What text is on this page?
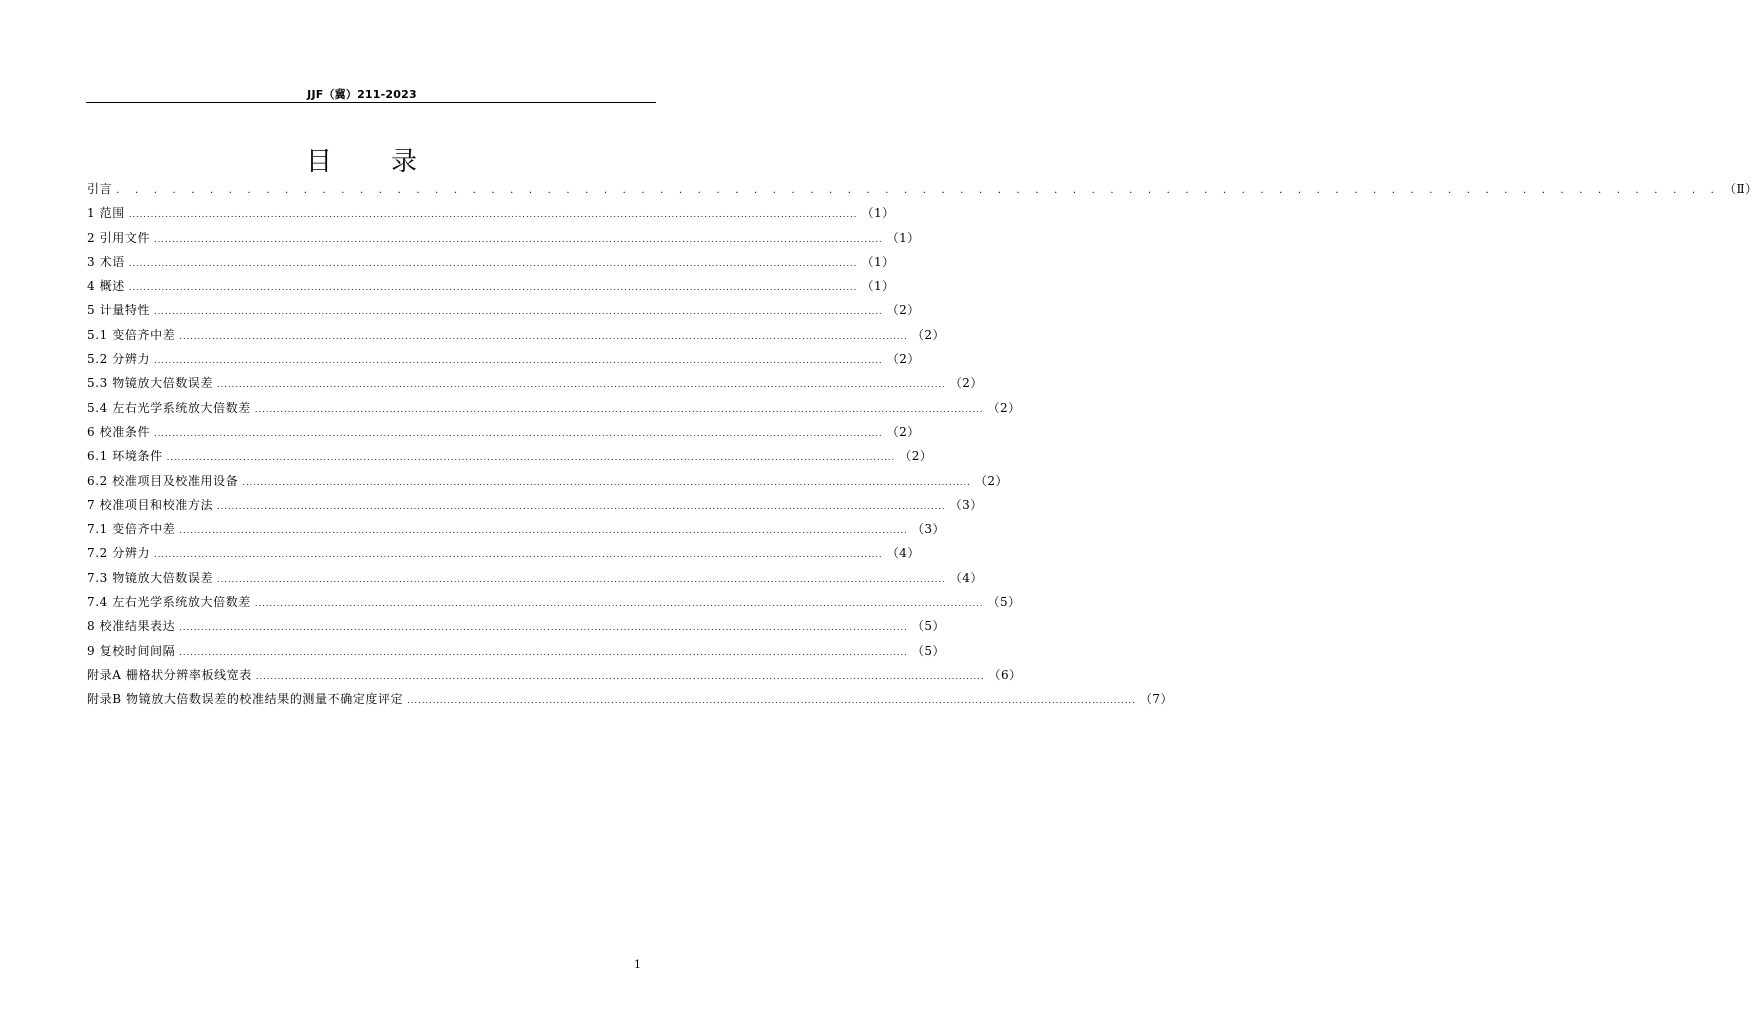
JJF（冀）211-2023
目 录
引言 . . . . . . . . . . . . . . . . . . . . . . . . . . . . . . . . . . . . . . . . . . . . . . . . . . . . . . . . . . . . . . . . . . . . . . . . . . . . . . . . . . . . . . （Ⅱ）
1 范围 ........................................................................................................................................................................................................ （1）
2 引用文件 ........................................................................................................................................................................................................ （1）
3 术语 ........................................................................................................................................................................................................ （1）
4 概述 ........................................................................................................................................................................................................ （1）
5 计量特性 ........................................................................................................................................................................................................ （2）
5.1 变倍齐中差 ........................................................................................................................................................................................................ （2）
5.2 分辨力 ........................................................................................................................................................................................................ （2）
5.3 物镜放大倍数误差 ........................................................................................................................................................................................................ （2）
5.4 左右光学系统放大倍数差 ........................................................................................................................................................................................................ （2）
6 校准条件 ........................................................................................................................................................................................................ （2）
6.1 环境条件 ........................................................................................................................................................................................................ （2）
6.2 校准项目及校准用设备 ........................................................................................................................................................................................................ （2）
7 校准项目和校准方法 ........................................................................................................................................................................................................ （3）
7.1 变倍齐中差 ........................................................................................................................................................................................................ （3）
7.2 分辨力 ........................................................................................................................................................................................................ （4）
7.3 物镜放大倍数误差 ........................................................................................................................................................................................................ （4）
7.4 左右光学系统放大倍数差 ........................................................................................................................................................................................................ （5）
8 校准结果表达 ........................................................................................................................................................................................................ （5）
9 复校时间间隔 ........................................................................................................................................................................................................ （5）
附录A 栅格状分辨率板线宽表 ........................................................................................................................................................................................................ （6）
附录B 物镜放大倍数误差的校准结果的测量不确定度评定 ........................................................................................................................................................................................................ （7）
1
